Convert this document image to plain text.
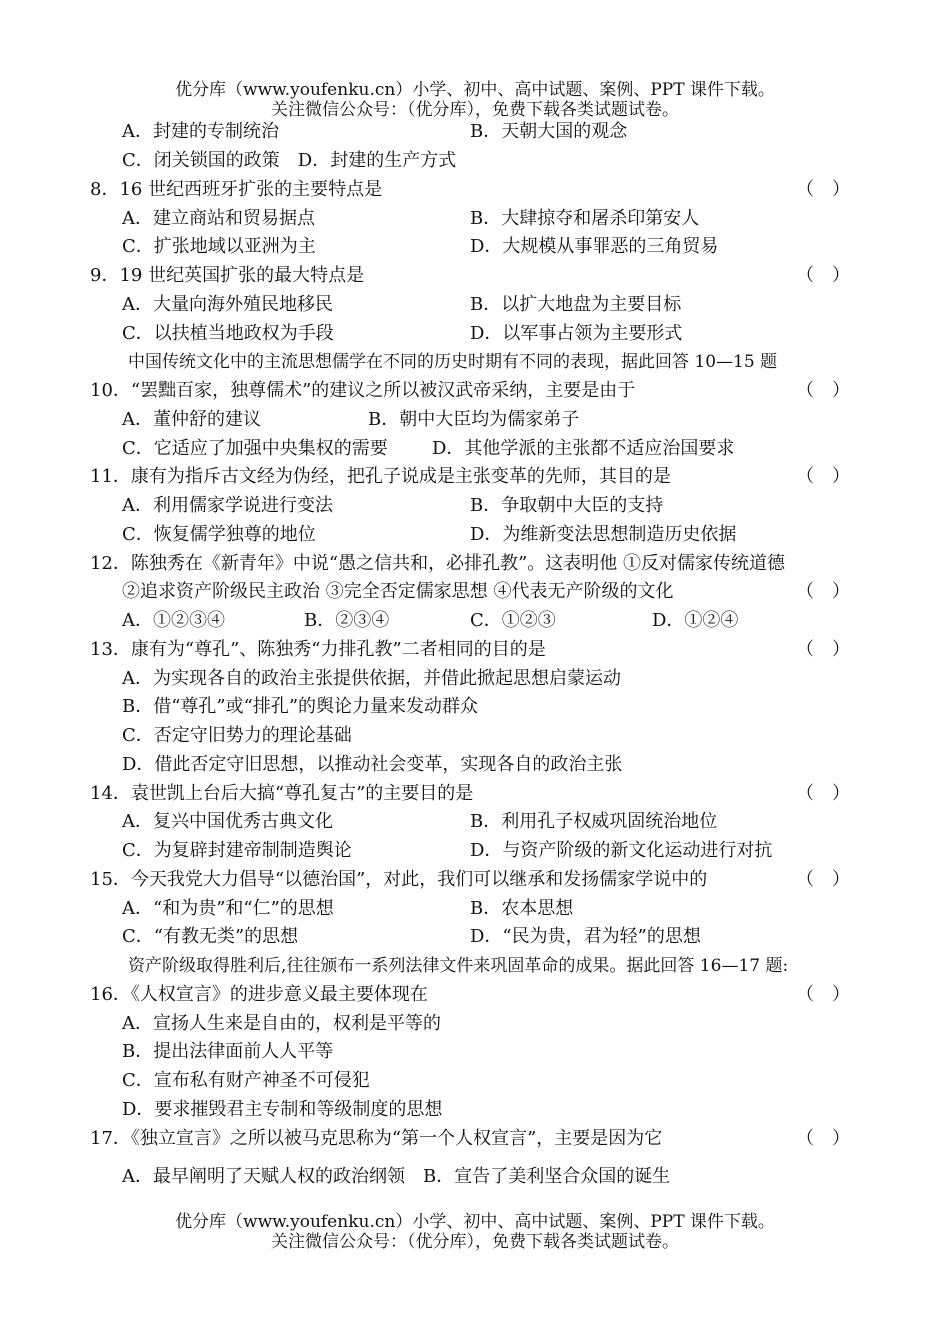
优分库（www.youfenku.cn）小学、初中、高中试题、案例、PPT 课件下载。
关注微信公众号：（优分库），免费下载各类试题试卷。
A．封建的专制统治	B．天朝大国的观念
C．闭关锁国的政策　D．封建的生产方式
8．16 世纪西班牙扩张的主要特点是	（　）
A．建立商站和贸易据点	B．大肆掠夺和屠杀印第安人
C．扩张地域以亚洲为主	D．大规模从事罪恶的三角贸易
9．19 世纪英国扩张的最大特点是	（　）
A．大量向海外殖民地移民	B．以扩大地盘为主要目标
C．以扶植当地政权为手段	D．以军事占领为主要形式
中国传统文化中的主流思想儒学在不同的历史时期有不同的表现，据此回答 10—15 题
10．“罢黜百家，独尊儒术”的建议之所以被汉武帝采纳，主要是由于	（　）
A．董仲舒的建议	B．朝中大臣均为儒家弟子
C．它适应了加强中央集权的需要 D．其他学派的主张都不适应治国要求
11．康有为指斥古文经为伪经，把孔子说成是主张变革的先师，其目的是	（　）
A．利用儒家学说进行变法	B．争取朝中大臣的支持
C．恢复儒学独尊的地位	D．为维新变法思想制造历史依据
12．陈独秀在《新青年》中说“愚之信共和，必排孔教”。这表明他 ①反对儒家传统道德
②追求资产阶级民主政治 ③完全否定儒家思想 ④代表无产阶级的文化	（　）
A．①②③④	B．②③④	C．①②③	D．①②④
13．康有为“尊孔”、陈独秀“力排孔教”二者相同的目的是	（　）
A．为实现各自的政治主张提供依据，并借此掀起思想启蒙运动
B．借“尊孔”或“排孔”的舆论力量来发动群众
C．否定守旧势力的理论基础
D．借此否定守旧思想，以推动社会变革，实现各自的政治主张
14．袁世凯上台后大搞“尊孔复古”的主要目的是	（　）
A．复兴中国优秀古典文化	B．利用孔子权威巩固统治地位
C．为复辟封建帝制制造舆论	D．与资产阶级的新文化运动进行对抗
15．今天我党大力倡导“以德治国”，对此，我们可以继承和发扬儒家学说中的	（　）
A．“和为贵”和“仁”的思想	B．农本思想
C．“有教无类”的思想	D．“民为贵，君为轻”的思想
资产阶级取得胜利后,往往颁布一系列法律文件来巩固革命的成果。据此回答 16—17 题:
16．《人权宣言》的进步意义最主要体现在	（　）
A．宣扬人生来是自由的，权利是平等的
B．提出法律面前人人平等
C．宣布私有财产神圣不可侵犯
D．要求摧毁君主专制和等级制度的思想
17．《独立宣言》之所以被马克思称为“第一个人权宣言”，主要是因为它	（　）
A．最早阐明了天赋人权的政治纲领　B．宣告了美利坚合众国的诞生
优分库（www.youfenku.cn）小学、初中、高中试题、案例、PPT 课件下载。
关注微信公众号：（优分库），免费下载各类试题试卷。
